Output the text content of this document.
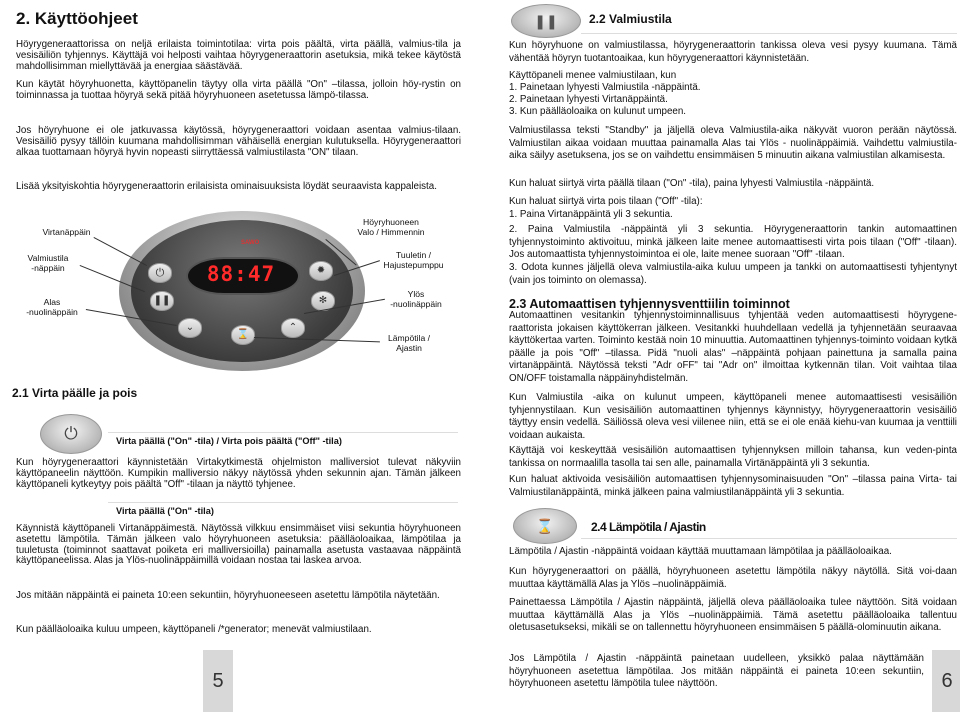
2. Käyttöohjeet

Höyrygeneraattorissa on neljä erilaista toimintotilaa: virta pois päältä, virta päällä, valmius-tila ja vesisäiliön tyhjennys. Käyttäjä voi helposti vaihtaa höyrygeneraattorin asetuksia, mikä tekee käytöstä mahdollisimman miellyttävää ja energiaa säästävää.

Kun käytät höyryhuonetta, käyttöpanelin täytyy olla virta päällä "On" –tilassa, jolloin höy-rystin on toiminnassa ja tuottaa höyryä sekä pitää höyryhuoneen asetetussa lämpö-tilassa.

Jos höyryhuone ei ole jatkuvassa käytössä, höyrygeneraattori voidaan asentaa valmius-tilaan. Vesisäiliö pysyy tällöin kuumana mahdollisimman vähäisellä energian kulutuksella. Höyrygeneraattori alkaa tuottamaan höyryä hyvin nopeasti siirryttäessä valmiustilasta "ON" tilaan.

Lisää yksityiskohtia höyrygeneraattorin erilaisista ominaisuuksista löydät seuraavista kappaleista.

88:47
SAWO
⏻
❚❚
✹
✻
⌄
⌛
⌃
Virtanäppäin
Valmiustila
-näppäin
Alas
-nuolinäppäin
Höyryhuoneen
Valo / Himmennin
Tuuletin /
Hajustepumppu
Ylös
-nuolinäppäin
Lämpötila /
Ajastin
2.1 Virta päälle ja pois
⏻	Virta päällä ("On" -tila) / Virta pois päältä ("Off" -tila)

Kun höyrygeneraattori käynnistetään Virtakytkimestä ohjelmiston malliversiot tulevat näkyviin käyttöpaneelin näyttöön. Kumpikin malliversio näkyy näytössä yhden sekunnin ajan. Tämän jälkeen käyttöpaneli kytkeytyy pois päältä "Off" -tilaan ja näyttö tyhjenee.

Virta päällä ("On" -tila)

Käynnistä käyttöpaneli Virtanäppäimestä. Näytössä vilkkuu ensimmäiset viisi sekuntia höyryhuoneen asetettu lämpötila. Tämän jälkeen valo höyryhuoneen asetuksia: päälläoloaikaa, lämpötilaa ja tuuletusta (toiminnot saattavat poiketa eri malliversioilla) painamalla asetusta vastaavaa näppäintä käyttöpaneelissa. Alas ja Ylös-nuolinäppäimillä voidaan nostaa tai laskea arvoa.

Jos mitään näppäintä ei paineta 10:een sekuntiin, höyryhuoneeseen asetettu lämpötila näytetään.

Kun päälläoloaika kuluu umpeen, käyttöpaneli /*generator; menevät valmiustilaan.

5
❚❚	2.2 Valmiustila

Kun höyryhuone on valmiustilassa, höyrygeneraattorin tankissa oleva vesi pysyy kuumana. Tämä vähentää höyryn tuotantoaikaa, kun höyrygeneraattori käynnistetään.

Käyttöpaneli menee valmiustilaan, kun

1. Painetaan lyhyesti Valmiustila -näppäintä.

2. Painetaan lyhyesti Virtanäppäintä.

3. Kun päälläoloaika on kulunut umpeen.

Valmiustilassa teksti "Standby" ja jäljellä oleva Valmiustila-aika näkyvät vuoron perään näytössä. Valmiustilan aikaa voidaan muuttaa painamalla Alas tai Ylös - nuolinäppäimiä. Vaihdettu valmiustila-aika säilyy asetuksena, jos se on vaihdettu ensimmäisen 5 minuutin aikana valmiustilan alkamisesta.

Kun haluat siirtyä virta päällä tilaan ("On" -tila), paina lyhyesti Valmiustila -näppäintä.

Kun haluat siirtyä virta pois tilaan ("Off" -tila):

1. Paina Virtanäppäintä yli 3 sekuntia.

2. Paina Valmiustila -näppäintä yli 3 sekuntia. Höyrygeneraattorin tankin automaattinen tyhjennystoiminto aktivoituu, minkä jälkeen laite menee automaattisesti virta pois tilaan ("Off" -tilaan). Jos automaattista tyhjennystoimintoa ei ole, laite menee suoraan "Off" -tilaan.

3. Odota kunnes jäljellä oleva valmiustila-aika kuluu umpeen ja tankki on automaattisesti tyhjentynyt (vain jos toiminto on olemassa).

2.3 Automaattisen tyhjennysventtiilin toiminnot

Automaattinen vesitankin tyhjennystoiminnallisuus tyhjentää veden automaattisesti höyrygene-raattorista jokaisen käyttökerran jälkeen. Vesitankki huuhdellaan vedellä ja tyhjennetään seuraavaa käyttökertaa varten. Toiminto kestää noin 10 minuuttia. Automaattinen tyhjennys-toiminto voidaan kytkä päälle ja pois "Off" –tilassa. Pidä "nuoli alas" –näppäintä pohjaan painettuna ja samalla paina virtanäppäintä. Näytössä teksti "Adr oFF" tai "Adr on" ilmoittaa kytkennän tilan. Voit vaihtaa tilaa ON/OFF toistamalla näppäinyhdistelmän.

Kun Valmiustila -aika on kulunut umpeen, käyttöpaneli menee automaattisesti vesisäiliön tyhjennystilaan. Kun vesisäiliön automaattinen tyhjennys käynnistyy, höyrygeneraattorin vesisäiliö täyttyy ensin vedellä. Säiliössä oleva vesi viilenee niin, että se ei ole enää kiehu-van kuumaa ja venttiili voidaan aukaista.

Käyttäjä voi keskeyttää vesisäiliön automaattisen tyhjennyksen milloin tahansa, kun veden-pinta tankissa on normaalilla tasolla tai sen alle, painamalla Virtänäppäintä yli 3 sekuntia.

Kun haluat aktivoida vesisäiliön automaattisen tyhjennysominaisuuden "On" –tilassa paina Virta- tai Valmiustilanäppäintä, minkä jälkeen paina valmiustilanäppäintä yli 3 sekuntia.

⌛	2.4 Lämpötila / Ajastin

Lämpötila / Ajastin -näppäintä voidaan käyttää muuttamaan lämpötilaa ja päälläoloaikaa.

Kun höyrygeneraattori on päällä, höyryhuoneen asetettu lämpötila näkyy näytöllä. Sitä voi-daan muuttaa käyttämällä Alas ja Ylös –nuolinäppäimiä.

Painettaessa Lämpötila / Ajastin näppäintä, jäljellä oleva päälläoloaika tulee näyttöön. Sitä voidaan muuttaa käyttämällä Alas ja Ylös –nuolinäppäimiä. Tämä asetettu päälläoloaika tallentuu oletusasetukseksi, mikäli se on tallennettu höyryhuoneen ensimmäisen 5 päällä-olominuutin aikana.

Jos Lämpötila / Ajastin -näppäintä painetaan uudelleen, yksikkö palaa näyttämään höyryhuoneen asetettua lämpötilaa. Jos mitään näppäintä ei paineta 10:een sekuntiin, höyryhuoneen asetettu lämpötila tulee näyttöön.	6
